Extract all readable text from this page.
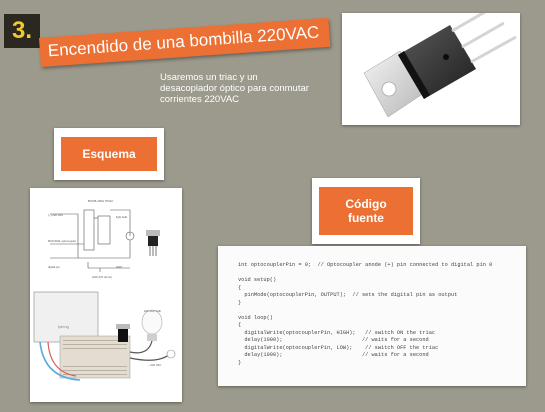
3. Encendido de una bombilla 220VAC
Usaremos un triac y un
desacoplador óptico para conmutar
corrientes 220VAC
Esquema
Código
fuente
BTA08-400G TRIAC
light bulb
MOC3011 optocoupler
(~) 220 VAC
(220-470 ohms)
digital pin	GND
Ipiring
220 VAC bulb
~ 220 VAC
int optocouplerPin = 0;  // Optocoupler anode (+) pin connected to digital pin 0

void setup()
{
pinMode(optocouplerPin, OUTPUT);  // sets the digital pin as output
}

void loop()
{
digitalWrite(optocouplerPin, HIGH);   // switch ON the triac
delay(1000);                         // waits for a second
digitalWrite(optocouplerPin, LOW);    // switch OFF the triac
delay(1000);                         // waits for a second
}
